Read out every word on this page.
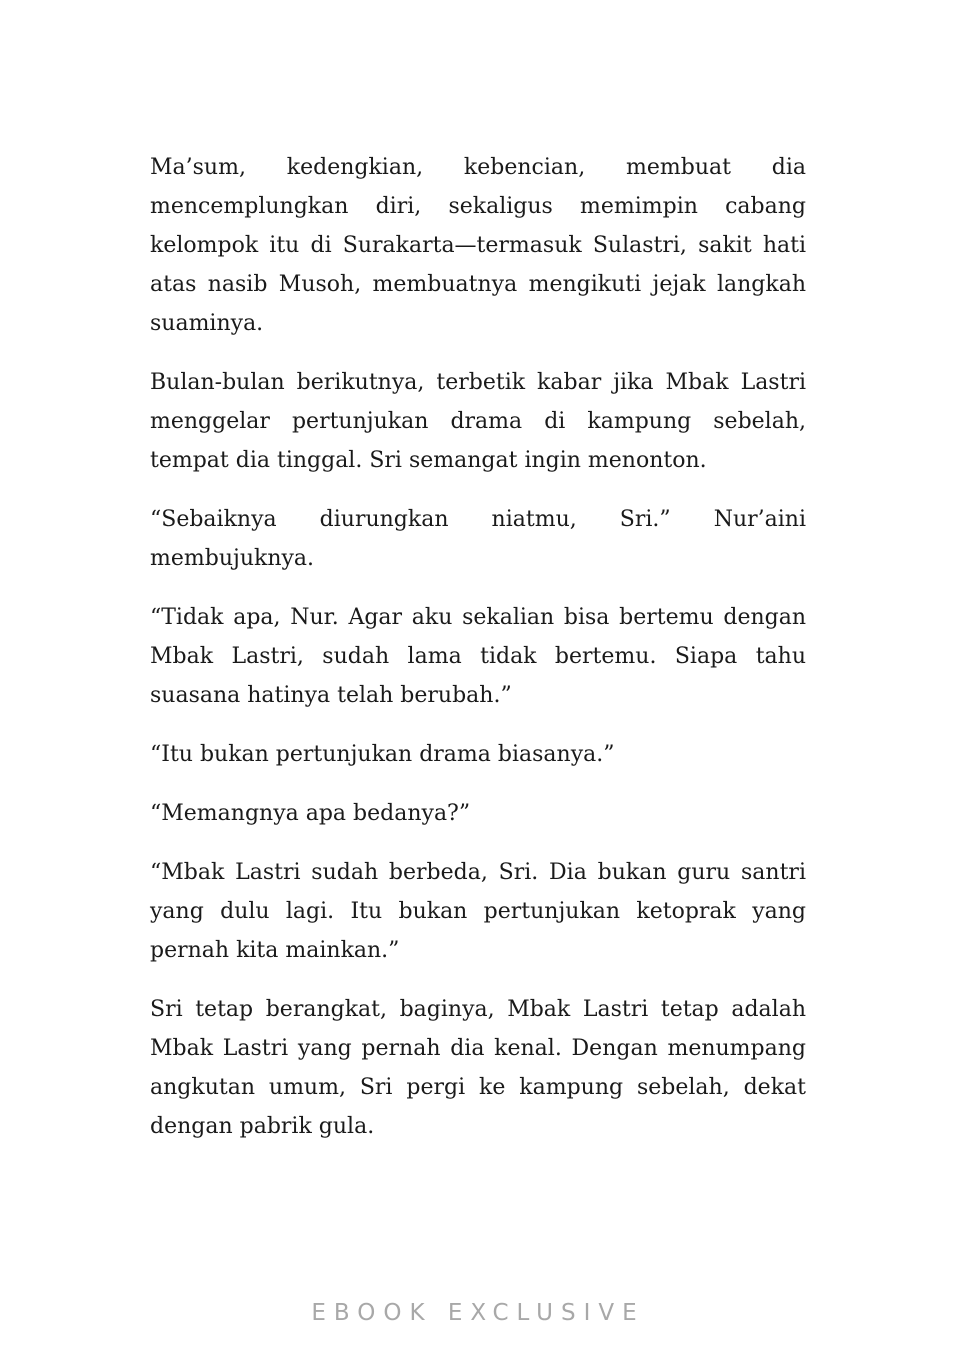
Ma’sum, kedengkian, kebencian, membuat dia mencemplungkan diri, sekaligus memimpin cabang kelompok itu di Surakarta—termasuk Sulastri, sakit hati atas nasib Musoh, membuatnya mengikuti jejak langkah suaminya.

Bulan-bulan berikutnya, terbetik kabar jika Mbak Lastri menggelar pertunjukan drama di kampung sebelah, tempat dia tinggal. Sri semangat ingin menonton.

“Sebaiknya diurungkan niatmu, Sri.” Nur’aini membujuknya.

“Tidak apa, Nur. Agar aku sekalian bisa bertemu dengan Mbak Lastri, sudah lama tidak bertemu. Siapa tahu suasana hatinya telah berubah.”

“Itu bukan pertunjukan drama biasanya.”

“Memangnya apa bedanya?”

“Mbak Lastri sudah berbeda, Sri. Dia bukan guru santri yang dulu lagi. Itu bukan pertunjukan ketoprak yang pernah kita mainkan.”

Sri tetap berangkat, baginya, Mbak Lastri tetap adalah Mbak Lastri yang pernah dia kenal. Dengan menumpang angkutan umum, Sri pergi ke kampung sebelah, dekat dengan pabrik gula.

EBOOK EXCLUSIVE
